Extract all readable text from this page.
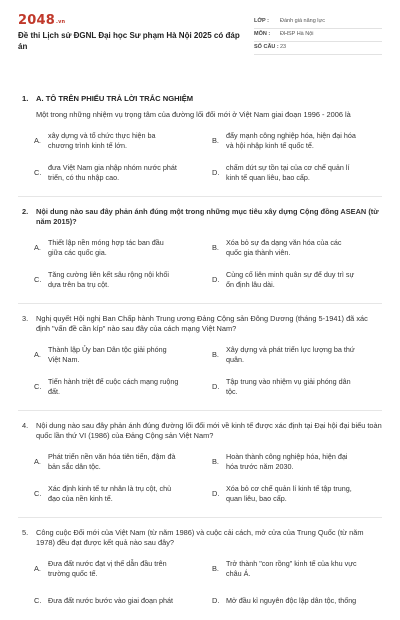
$2048^{.vn}$
Đề thi Lịch sử ĐGNL Đại học Sư phạm Hà Nội 2025 có đáp án
LỚP :	Đánh giá năng lực
MÔN :	ĐHSP Hà Nội
SỐ CÂU : 23
1. A. TÔ TRÊN PHIẾU TRẢ LỜI TRẮC NGHIỆM
Một trong những nhiệm vụ trọng tâm của đường lối đổi mới ở Việt Nam giai đoạn 1996 - 2006 là
A.
xây dựng và tổ chức thực hiện ba chương trình kinh tế lớn.
B.
đẩy mạnh công nghiệp hóa, hiện đại hóa và hội nhập kinh tế quốc tế.
C.
đưa Việt Nam gia nhập nhóm nước phát triển, có thu nhập cao.
D.
chấm dứt sự tồn tại của cơ chế quản lí kinh tế quan liêu, bao cấp.
2.	Nội dung nào sau đây phản ánh đúng một trong những mục tiêu xây dựng Cộng đồng ASEAN (từ năm 2015)?
A.
Thiết lập nền móng hợp tác ban đầu giữa các quốc gia.
B.
Xóa bỏ sự đa dạng văn hóa của các quốc gia thành viên.
C.
Tăng cường liên kết sâu rộng nội khối dựa trên ba trụ cột.
D.
Củng cố liên minh quân sự để duy trì sự ổn định lâu dài.
3.	Nghị quyết Hội nghị Ban Chấp hành Trung ương Đảng Cộng sản Đông Dương (tháng 5-1941) đã xác định "vấn đề cần kíp" nào sau đây của cách mạng Việt Nam?
A.
Thành lập Ủy ban Dân tộc giải phóng Việt Nam.
B.
Xây dựng và phát triển lực lượng ba thứ quân.
C.
Tiến hành triệt để cuộc cách mạng ruộng đất.
D.
Tập trung vào nhiệm vụ giải phóng dân tộc.
4.	Nội dung nào sau đây phản ánh đúng đường lối đổi mới về kinh tế được xác định tại Đại hội đại biểu toàn quốc lần thứ VI (1986) của Đảng Cộng sản Việt Nam?
A.
Phát triển nền văn hóa tiên tiến, đậm đà bản sắc dân tộc.
B.
Hoàn thành công nghiệp hóa, hiện đại hóa trước năm 2030.
C.
Xác định kinh tế tư nhân là trụ cột, chủ đạo của nền kinh tế.
D.
Xóa bỏ cơ chế quản lí kinh tế tập trung, quan liêu, bao cấp.
5.	Công cuộc Đổi mới của Việt Nam (từ năm 1986) và cuộc cải cách, mở cửa của Trung Quốc (từ năm 1978) đều đạt được kết quả nào sau đây?
A.
Đưa đất nước đạt vị thế dẫn đầu trên trường quốc tế.
B.
Trở thành "con rồng" kinh tế của khu vực châu Á.
C. Đưa đất nước bước vào giai đoạn phát	D. Mở đầu kỉ nguyên độc lập dân tộc, thống
